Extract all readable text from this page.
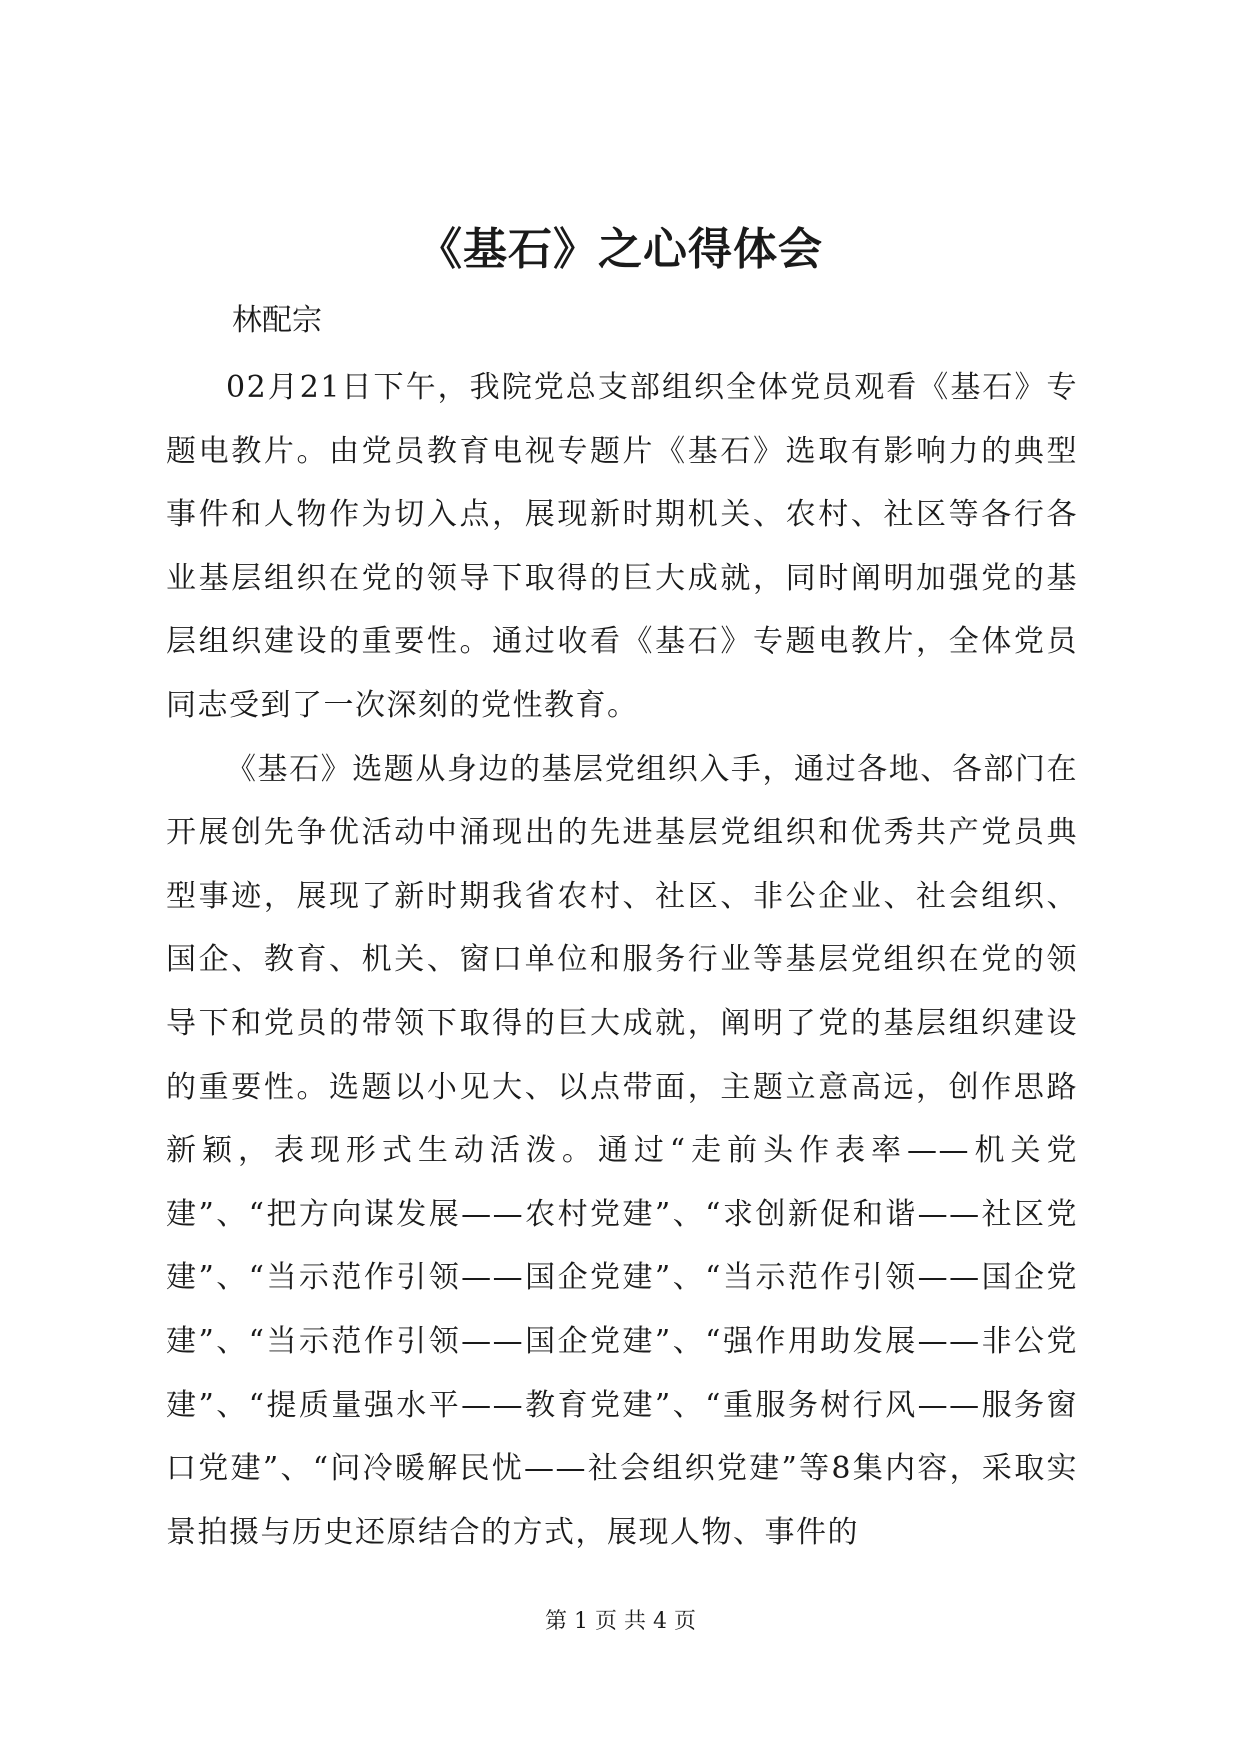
《基石》之心得体会

林配宗

02月21日下午，我院党总支部组织全体党员观看《基石》专题电教片。由党员教育电视专题片《基石》选取有影响力的典型事件和人物作为切入点，展现新时期机关、农村、社区等各行各业基层组织在党的领导下取得的巨大成就，同时阐明加强党的基层组织建设的重要性。通过收看《基石》专题电教片，全体党员同志受到了一次深刻的党性教育。

《基石》选题从身边的基层党组织入手，通过各地、各部门在开展创先争优活动中涌现出的先进基层党组织和优秀共产党员典型事迹，展现了新时期我省农村、社区、非公企业、社会组织、国企、教育、机关、窗口单位和服务行业等基层党组织在党的领导下和党员的带领下取得的巨大成就，阐明了党的基层组织建设的重要性。选题以小见大、以点带面，主题立意高远，创作思路新颖，表现形式生动活泼。通过“走前头作表率——机关党建”、“把方向谋发展——农村党建”、“求创新促和谐——社区党建”、“当示范作引领——国企党建”、“当示范作引领——国企党建”、“当示范作引领——国企党建”、“强作用助发展——非公党建”、“提质量强水平——教育党建”、“重服务树行风——服务窗口党建”、“问冷暖解民忧——社会组织党建”等8集内容，采取实景拍摄与历史还原结合的方式，展现人物、事件的

第 1 页 共 4 页
